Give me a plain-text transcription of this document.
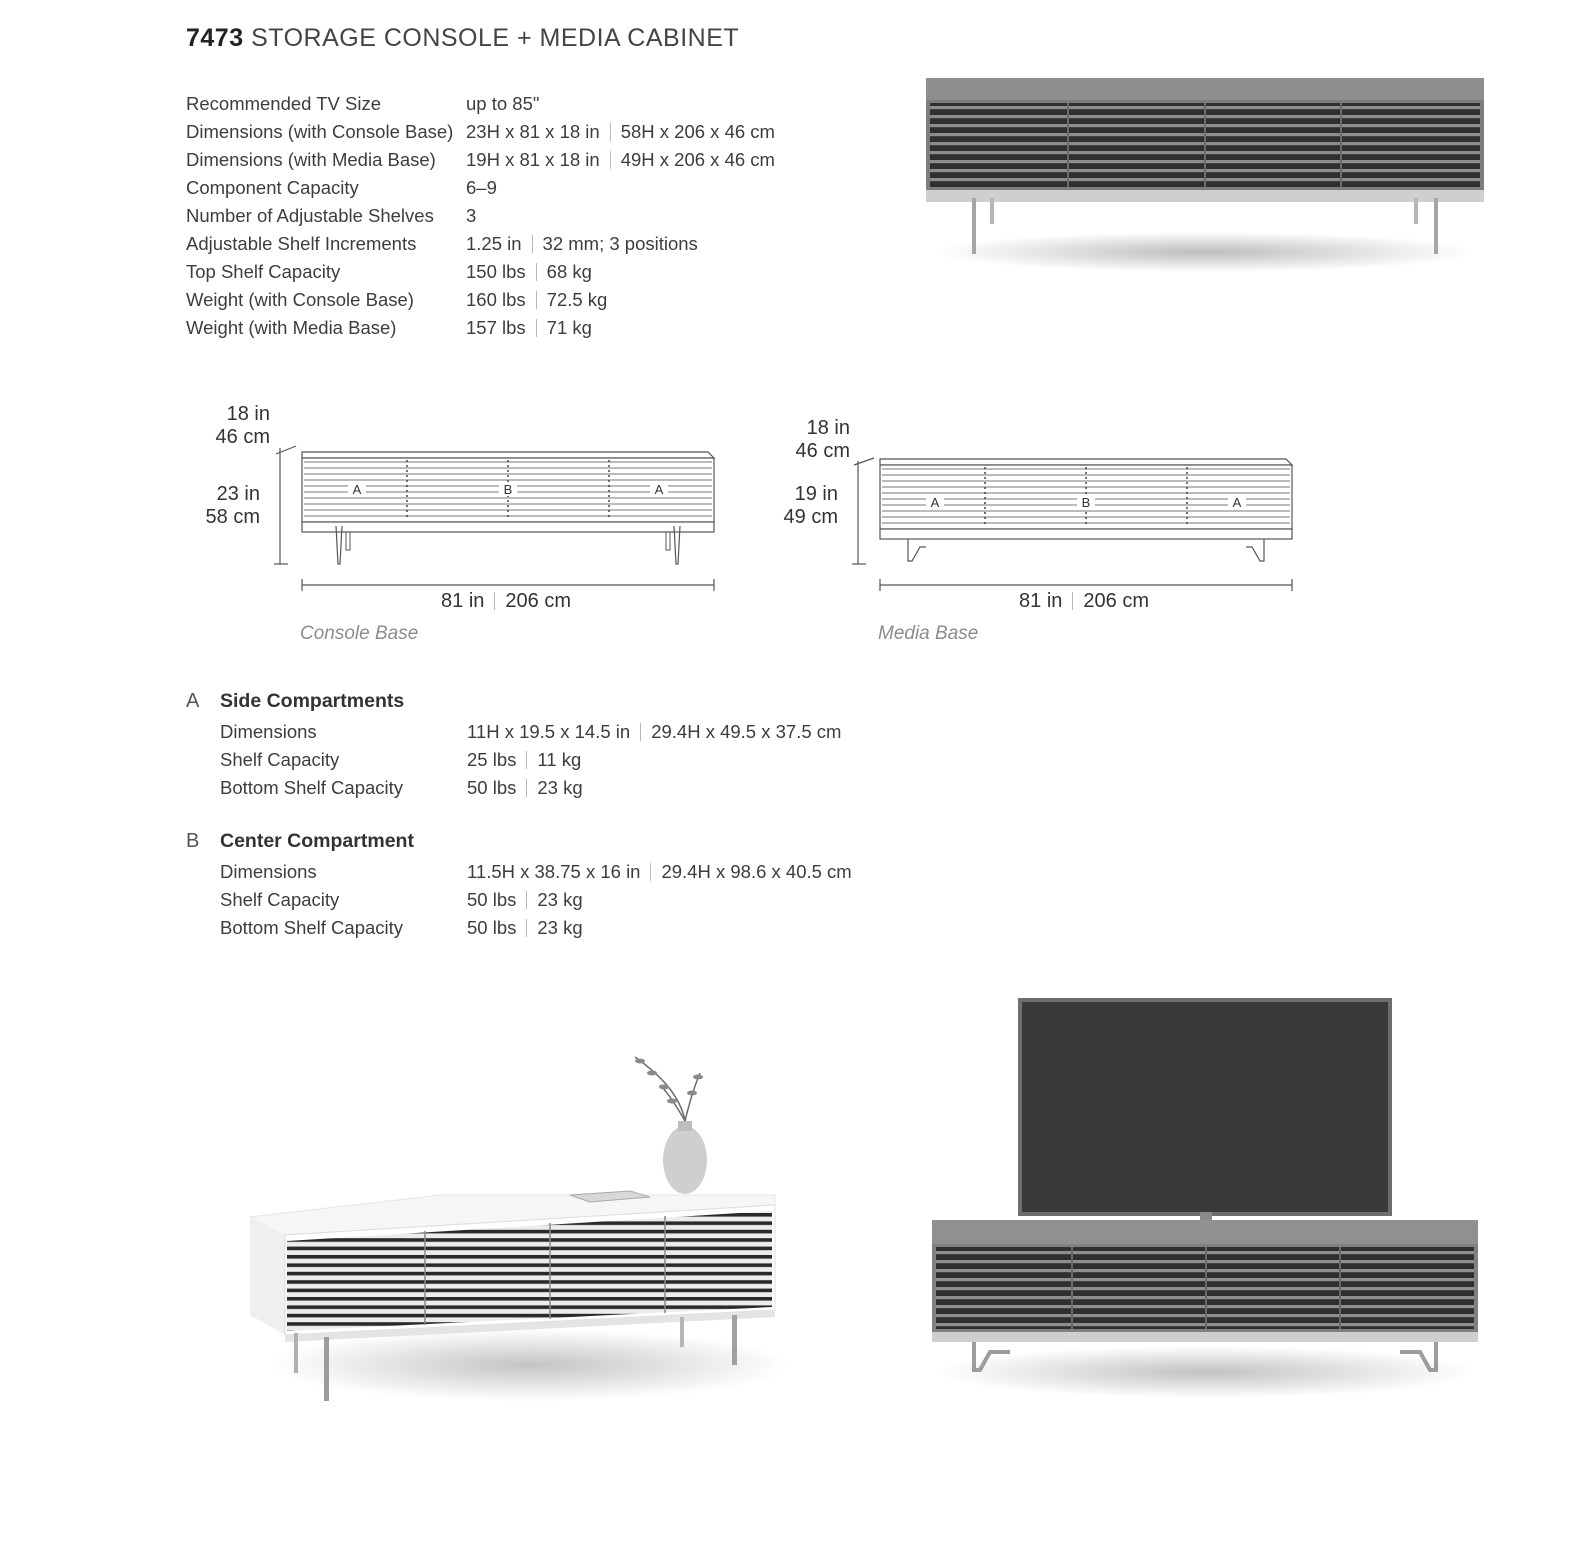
7473 STORAGE CONSOLE + MEDIA CABINET
Recommended TV Size	up to 85"
Dimensions (with Console Base) 23H x 81 x 18 in 58H x 206 x 46 cm
Dimensions (with Media Base) 19H x 81 x 18 in 49H x 206 x 46 cm
Component Capacity	6–9
Number of Adjustable Shelves 3
Adjustable Shelf Increments	1.25 in 32 mm; 3 positions
Top Shelf Capacity	150 lbs 68 kg
Weight (with Console Base)	160 lbs 72.5 kg
Weight (with Media Base)	157 lbs 71 kg
18 in
46 cm
23 in
58 cm
A	B	A
81 in 206 cm
Console Base
18 in
46 cm
19 in
49 cm
A	B	A
81 in 206 cm
Media Base
A Side Compartments
Dimensions	11H x 19.5 x 14.5 in 29.4H x 49.5 x 37.5 cm
Shelf Capacity	25 lbs 11 kg
Bottom Shelf Capacity	50 lbs 23 kg
B Center Compartment
Dimensions	11.5H x 38.75 x 16 in 29.4H x 98.6 x 40.5 cm
Shelf Capacity	50 lbs 23 kg
Bottom Shelf Capacity	50 lbs 23 kg
